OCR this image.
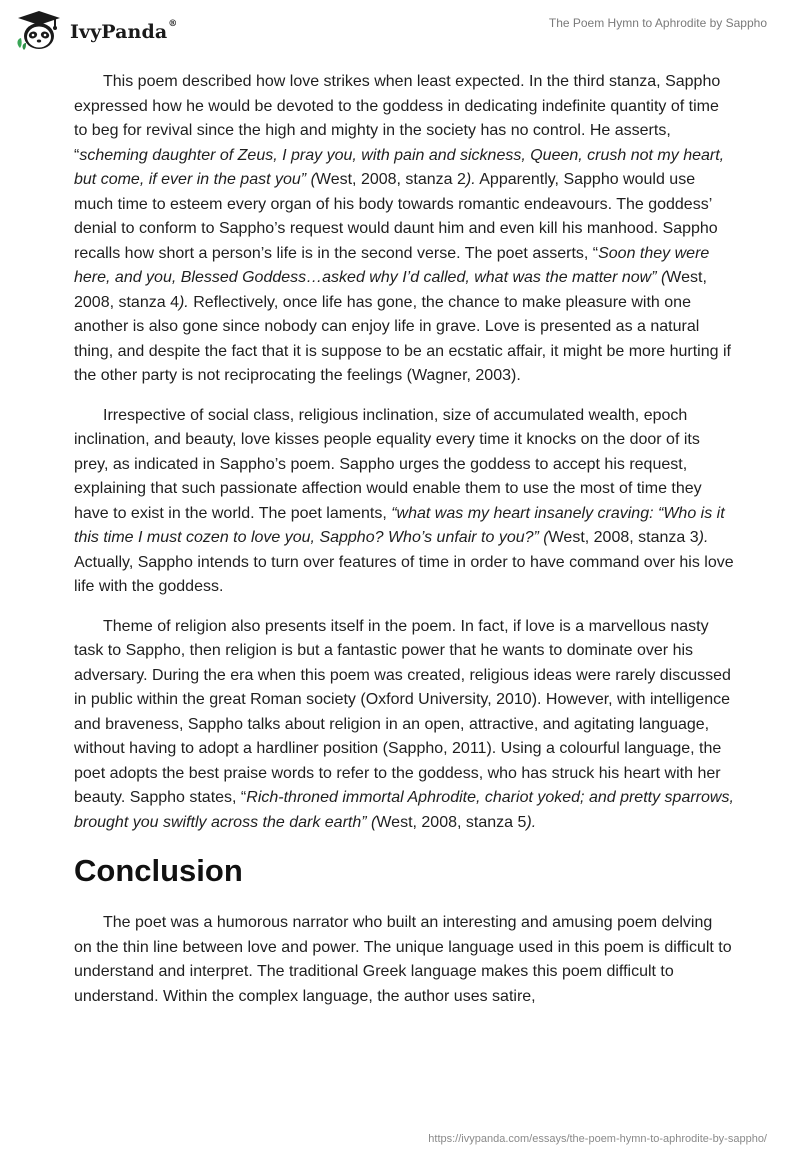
IvyPanda®	The Poem Hymn to Aphrodite by Sappho

This poem described how love strikes when least expected. In the third stanza, Sappho expressed how he would be devoted to the goddess in dedicating indefinite quantity of time to beg for revival since the high and mighty in the society has no control. He asserts, “scheming daughter of Zeus, I pray you, with pain and sickness, Queen, crush not my heart, but come, if ever in the past you” (West, 2008, stanza 2). Apparently, Sappho would use much time to esteem every organ of his body towards romantic endeavours. The goddess’ denial to conform to Sappho’s request would daunt him and even kill his manhood. Sappho recalls how short a person’s life is in the second verse. The poet asserts, “Soon they were here, and you, Blessed Goddess…asked why I’d called, what was the matter now” (West, 2008, stanza 4). Reflectively, once life has gone, the chance to make pleasure with one another is also gone since nobody can enjoy life in grave. Love is presented as a natural thing, and despite the fact that it is suppose to be an ecstatic affair, it might be more hurting if the other party is not reciprocating the feelings (Wagner, 2003).

Irrespective of social class, religious inclination, size of accumulated wealth, epoch inclination, and beauty, love kisses people equality every time it knocks on the door of its prey, as indicated in Sappho’s poem. Sappho urges the goddess to accept his request, explaining that such passionate affection would enable them to use the most of time they have to exist in the world. The poet laments, “what was my heart insanely craving: “Who is it this time I must cozen to love you, Sappho? Who’s unfair to you?” (West, 2008, stanza 3). Actually, Sappho intends to turn over features of time in order to have command over his love life with the goddess.

Theme of religion also presents itself in the poem. In fact, if love is a marvellous nasty task to Sappho, then religion is but a fantastic power that he wants to dominate over his adversary. During the era when this poem was created, religious ideas were rarely discussed in public within the great Roman society (Oxford University, 2010). However, with intelligence and braveness, Sappho talks about religion in an open, attractive, and agitating language, without having to adopt a hardliner position (Sappho, 2011). Using a colourful language, the poet adopts the best praise words to refer to the goddess, who has struck his heart with her beauty. Sappho states, “Rich-throned immortal Aphrodite, chariot yoked; and pretty sparrows, brought you swiftly across the dark earth” (West, 2008, stanza 5).

Conclusion

The poet was a humorous narrator who built an interesting and amusing poem delving on the thin line between love and power. The unique language used in this poem is difficult to understand and interpret. The traditional Greek language makes this poem difficult to understand. Within the complex language, the author uses satire,

https://ivypanda.com/essays/the-poem-hymn-to-aphrodite-by-sappho/
